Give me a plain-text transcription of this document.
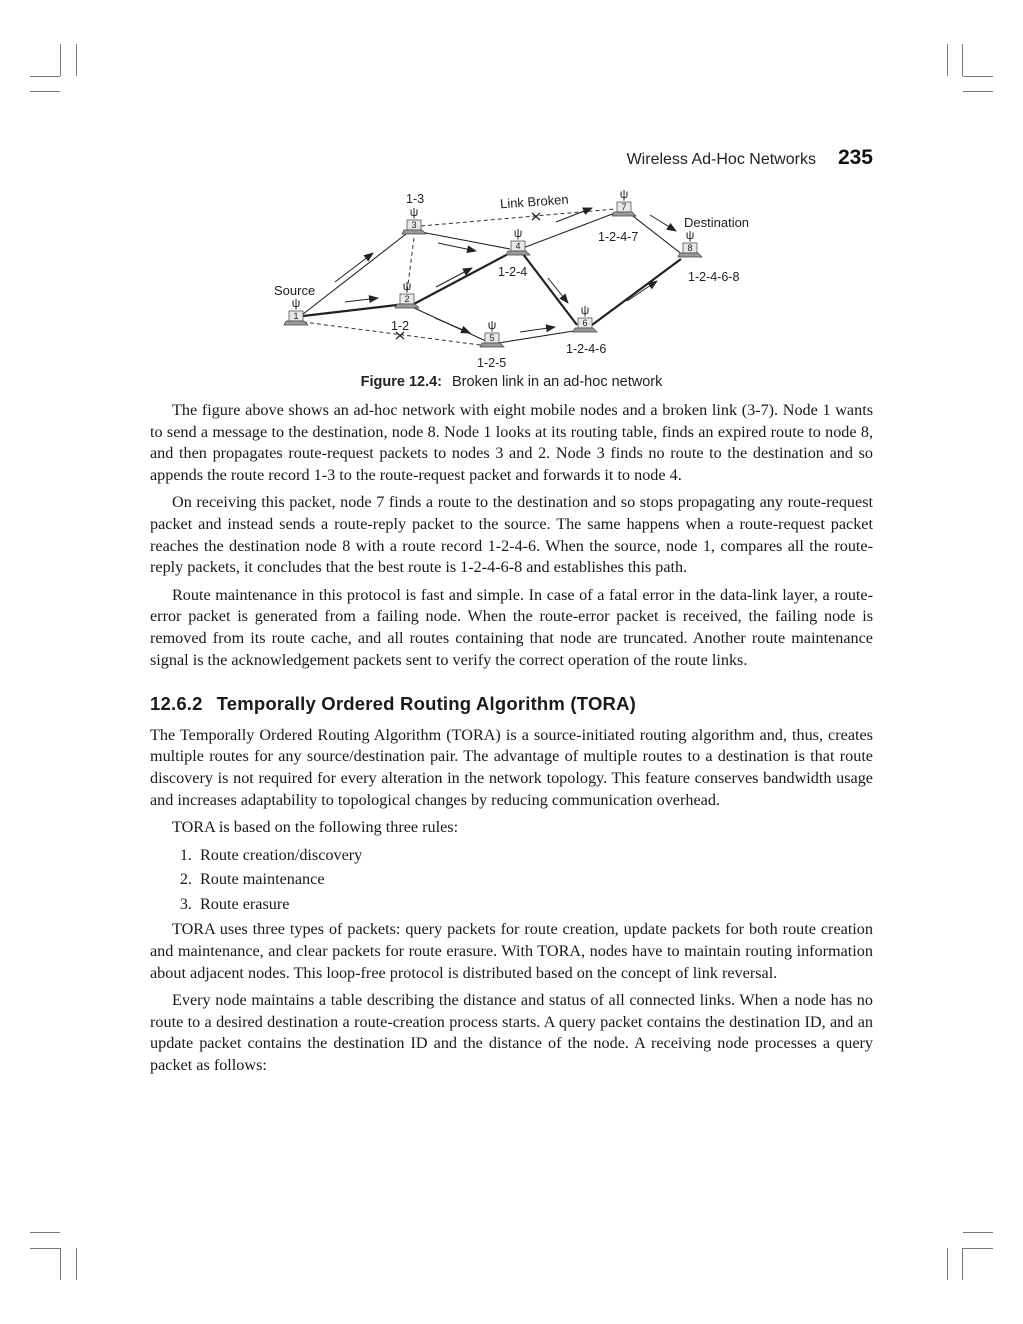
Wireless Ad-Hoc Networks 235
1
ψ	2
ψ
3
ψ
4
ψ
5
ψ	6
ψ
7
ψ
8
ψ
Source
Destination
Link Broken
1-3
1-2
1-2-4
1-2-5
1-2-4-6
1-2-4-7
1-2-4-6-8
Figure 12.4: Broken link in an ad-hoc network

The figure above shows an ad-hoc network with eight mobile nodes and a broken link (3-7). Node 1 wants to send a message to the destination, node 8. Node 1 looks at its routing table, finds an expired route to node 8, and then propagates route-request packets to nodes 3 and 2. Node 3 finds no route to the destination and so appends the route record 1-3 to the route-request packet and forwards it to node 4.

On receiving this packet, node 7 finds a route to the destination and so stops propagating any route-request packet and instead sends a route-reply packet to the source. The same happens when a route-request packet reaches the destination node 8 with a route record 1-2-4-6. When the source, node 1, compares all the route-reply packets, it concludes that the best route is 1-2-4-6-8 and establishes this path.

Route maintenance in this protocol is fast and simple. In case of a fatal error in the data-link layer, a route-error packet is generated from a failing node. When the route-error packet is received, the failing node is removed from its route cache, and all routes containing that node are truncated. Another route maintenance signal is the acknowledgement packets sent to verify the correct operation of the route links.

12.6.2 Temporally Ordered Routing Algorithm (TORA)

The Temporally Ordered Routing Algorithm (TORA) is a source-initiated routing algorithm and, thus, creates multiple routes for any source/destination pair. The advantage of multiple routes to a destination is that route discovery is not required for every alteration in the network topology. This feature conserves bandwidth usage and increases adaptability to topological changes by reducing communication overhead.

TORA is based on the following three rules:

1. Route creation/discovery
2. Route maintenance
3. Route erasure

TORA uses three types of packets: query packets for route creation, update packets for both route creation and maintenance, and clear packets for route erasure. With TORA, nodes have to maintain routing information about adjacent nodes. This loop-free protocol is distributed based on the concept of link reversal.

Every node maintains a table describing the distance and status of all connected links. When a node has no route to a desired destination a route-creation process starts. A query packet contains the destination ID, and an update packet contains the destination ID and the distance of the node. A receiving node processes a query packet as follows:
